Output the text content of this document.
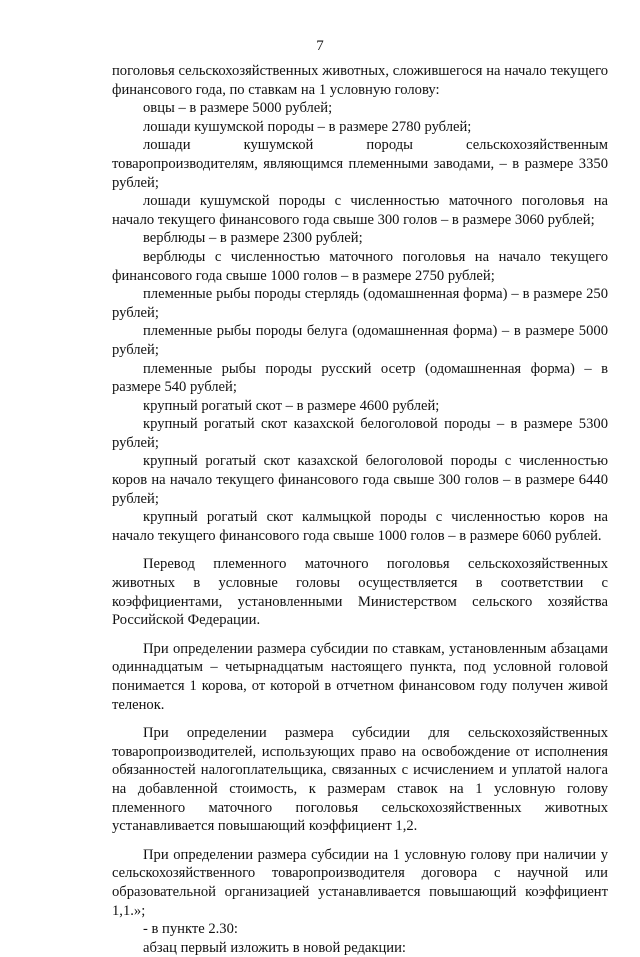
7

поголовья сельскохозяйственных животных, сложившегося на начало текущего финансового года, по ставкам на 1 условную голову:

овцы – в размере 5000 рублей;

лошади кушумской породы – в размере 2780 рублей;

лошади кушумской породы сельскохозяйственным товаропроизводителям, являющимся племенными заводами, – в размере 3350 рублей;

лошади кушумской породы с численностью маточного поголовья на начало текущего финансового года свыше 300 голов – в размере 3060 рублей;

верблюды – в размере 2300 рублей;

верблюды с численностью маточного поголовья на начало текущего финансового года свыше 1000 голов – в размере 2750 рублей;

племенные рыбы породы стерлядь (одомашненная форма) – в размере 250 рублей;

племенные рыбы породы белуга (одомашненная форма) – в размере 5000 рублей;

племенные рыбы породы русский осетр (одомашненная форма) – в размере 540 рублей;

крупный рогатый скот – в размере 4600 рублей;

крупный рогатый скот казахской белоголовой породы – в размере 5300 рублей;

крупный рогатый скот казахской белоголовой породы с численностью коров на начало текущего финансового года свыше 300 голов – в размере 6440 рублей;

крупный рогатый скот калмыцкой породы с численностью коров на начало текущего финансового года свыше 1000 голов – в размере 6060 рублей.

Перевод племенного маточного поголовья сельскохозяйственных животных в условные головы осуществляется в соответствии с коэффициентами, установленными Министерством сельского хозяйства Российской Федерации.

При определении размера субсидии по ставкам, установленным абзацами одиннадцатым – четырнадцатым настоящего пункта, под условной головой понимается 1 корова, от которой в отчетном финансовом году получен живой теленок.

При определении размера субсидии для сельскохозяйственных товаропроизводителей, использующих право на освобождение от исполнения обязанностей налогоплательщика, связанных с исчислением и уплатой налога на добавленной стоимость, к размерам ставок на 1 условную голову племенного маточного поголовья сельскохозяйственных животных устанавливается повышающий коэффициент 1,2.

При определении размера субсидии на 1 условную голову при наличии у сельскохозяйственного товаропроизводителя договора с научной или образовательной организацией устанавливается повышающий коэффициент 1,1.»;

- в пункте 2.30:

абзац первый изложить в новой редакции:
